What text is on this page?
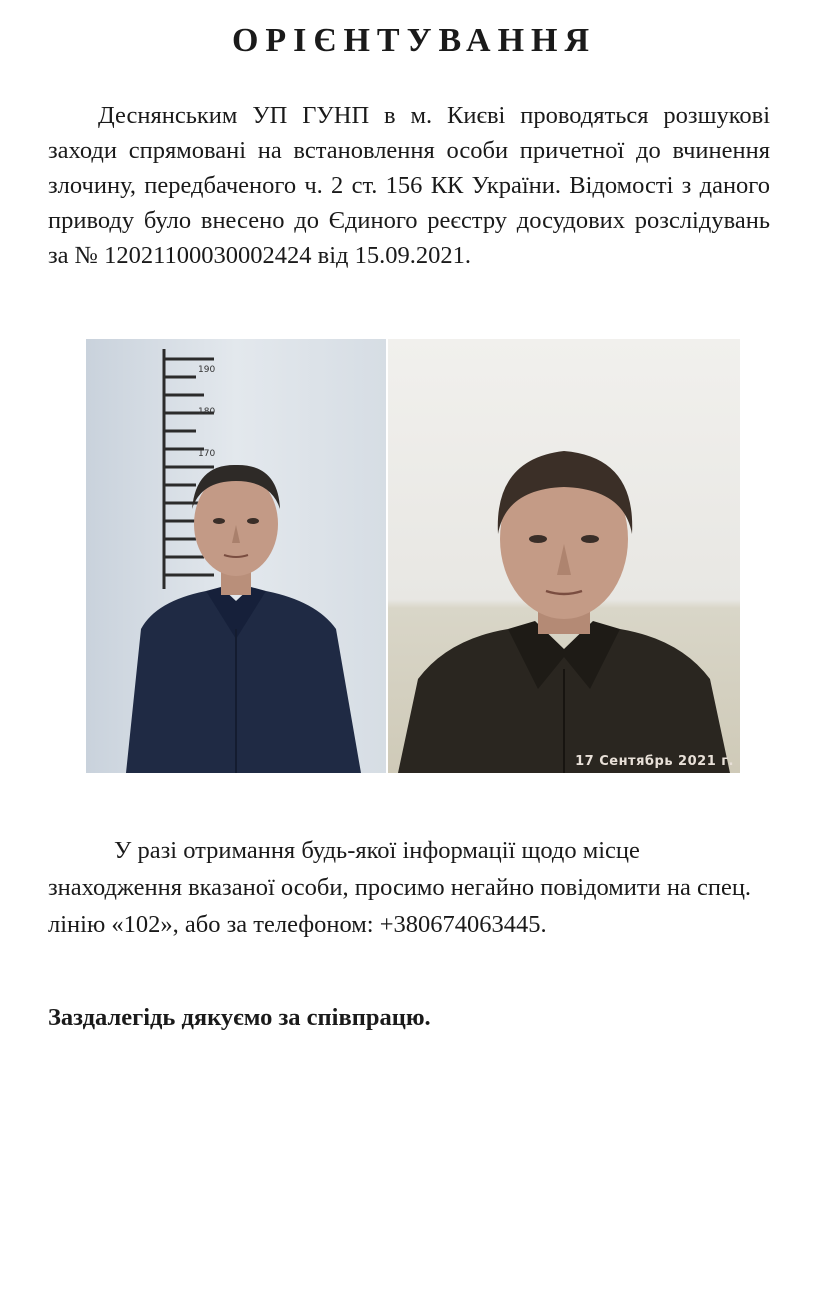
ОРІЄНТУВАННЯ

Деснянським УП ГУНП в м. Києві проводяться розшукові заходи спрямовані на встановлення особи причетної до вчинення злочину, передбаченого ч. 2 ст. 156 КК України. Відомості з даного приводу було внесено до Єдиного реєстру досудових розслідувань за № 12021100030002424 від 15.09.2021.

190
180
170
17 Сентябрь 2021 г.

У разі отримання будь-якої інформації щодо місце знаходження вказаної особи, просимо негайно повідомити на спец. лінію «102», або за телефоном: +380674063445.

Заздалегідь дякуємо за співпрацю.
